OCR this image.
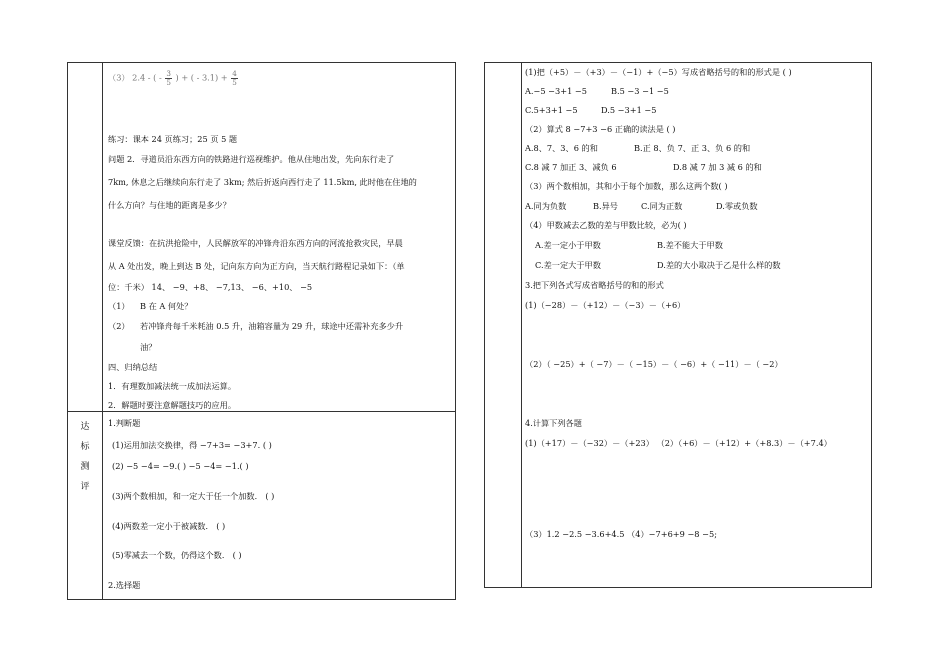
（3） 2.4 - ( - $\frac{3}{5}$ ) + ( - $3.1) + \frac{4}{5}$
练习：课本 24 页练习；25 页 5 题
问题 2．寻道员沿东西方向的铁路进行巡视维护。他从住地出发，先向东行走了
7km, 休息之后继续向东行走了 3km; 然后折返向西行走了 11.5km, 此时他在住地的
什么方向？与住地的距离是多少？
课堂反馈：在抗洪抢险中，人民解放军的冲锋舟沿东西方向的河流抢救灾民，早晨
从 A 处出发，晚上到达 B 处，记向东方向为正方向，当天航行路程记录如下：（单
位：千米） 14、 −9、+8、 −7,13、 −6、+10、 −5
（1） B 在 A 何处？
（2） 若冲锋舟每千米耗油 0.5 升，油箱容量为 29 升，球途中还需补充多少升
油？
四、归纳总结
1．有理数加减法统一成加法运算。
2．解题时要注意解题技巧的应用。
达
标
测
评
1.判断题
(1)运用加法交换律，得 −7+3= −3+7. ( )
(2) −5 −4= −9.( ) −5 −4= −1.( )
(3)两个数相加，和一定大于任一个加数． ( )
(4)两数差一定小于被减数． ( )
(5)零减去一个数，仍得这个数． ( )
2.选择题
(1)把（+5）－（+3）－（−1）+（−5）写成省略括号的和的形式是 ( )
A.−5 −3+1 −5	B.5 −3 −1 −5
C.5+3+1 −5	D.5 −3+1 −5
（2）算式 8 −7+3 −6 正确的读法是 ( )
A.8、7、3、6 的和	B.正 8、负 7、正 3、负 6 的和
C.8 减 7 加正 3、减负 6	D.8 减 7 加 3 减 6 的和
（3）两个数相加，其和小于每个加数，那么这两个数( )
A.同为负数	B.异号	C.同为正数	D.零或负数
（4）甲数减去乙数的差与甲数比较，必为( )
A.差一定小于甲数	B.差不能大于甲数
C.差一定大于甲数	D.差的大小取决于乙是什么样的数
3.把下列各式写成省略括号的和的形式
(1)（−28）－（+12）－（−3）－（+6）
（2）（ −25）+（ −7）－（ −15）－（ −6）+（ −11）－（ −2）
4.计算下列各题
(1)（+17）－（−32）－（+23） （2）（+6）－（+12）+（+8.3）－（+7.4）
（3）1.2 −2.5 −3.6+4.5 （4）−7+6+9 −8 −5;
